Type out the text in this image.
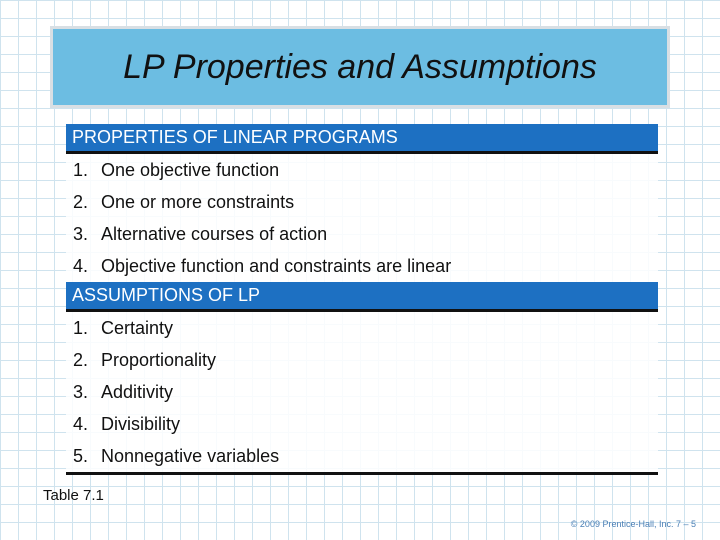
LP Properties and Assumptions
PROPERTIES OF LINEAR PROGRAMS
1. One objective function
2. One or more constraints
3. Alternative courses of action
4. Objective function and constraints are linear
ASSUMPTIONS OF LP
1. Certainty
2. Proportionality
3. Additivity
4. Divisibility
5. Nonnegative variables
Table 7.1
© 2009 Prentice-Hall, Inc. 7 – 5
